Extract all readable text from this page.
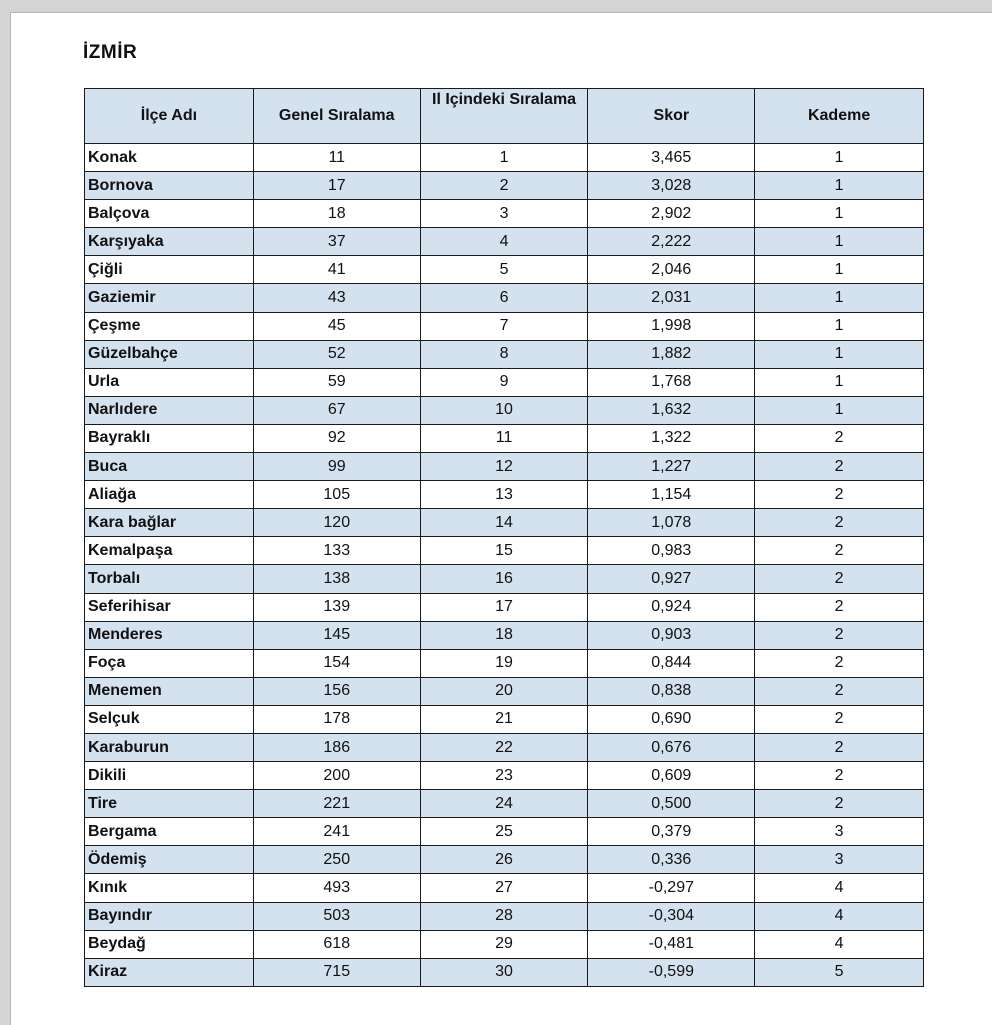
İZMİR
İlçe Adı	Genel Sıralama	Il Içindeki Sıralama	Skor	Kademe
Konak	11	1	3,465	1
Bornova	17	2	3,028	1
Balçova	18	3	2,902	1
Karşıyaka	37	4	2,222	1
Çiğli	41	5	2,046	1
Gaziemir	43	6	2,031	1
Çeşme	45	7	1,998	1
Güzelbahçe	52	8	1,882	1
Urla	59	9	1,768	1
Narlıdere	67	10	1,632	1
Bayraklı	92	11	1,322	2
Buca	99	12	1,227	2
Aliağa	105	13	1,154	2
Kara bağlar	120	14	1,078	2
Kemalpaşa	133	15	0,983	2
Torbalı	138	16	0,927	2
Seferihisar	139	17	0,924	2
Menderes	145	18	0,903	2
Foça	154	19	0,844	2
Menemen	156	20	0,838	2
Selçuk	178	21	0,690	2
Karaburun	186	22	0,676	2
Dikili	200	23	0,609	2
Tire	221	24	0,500	2
Bergama	241	25	0,379	3
Ödemiş	250	26	0,336	3
Kınık	493	27	-0,297	4
Bayındır	503	28	-0,304	4
Beydağ	618	29	-0,481	4
Kiraz	715	30	-0,599	5
